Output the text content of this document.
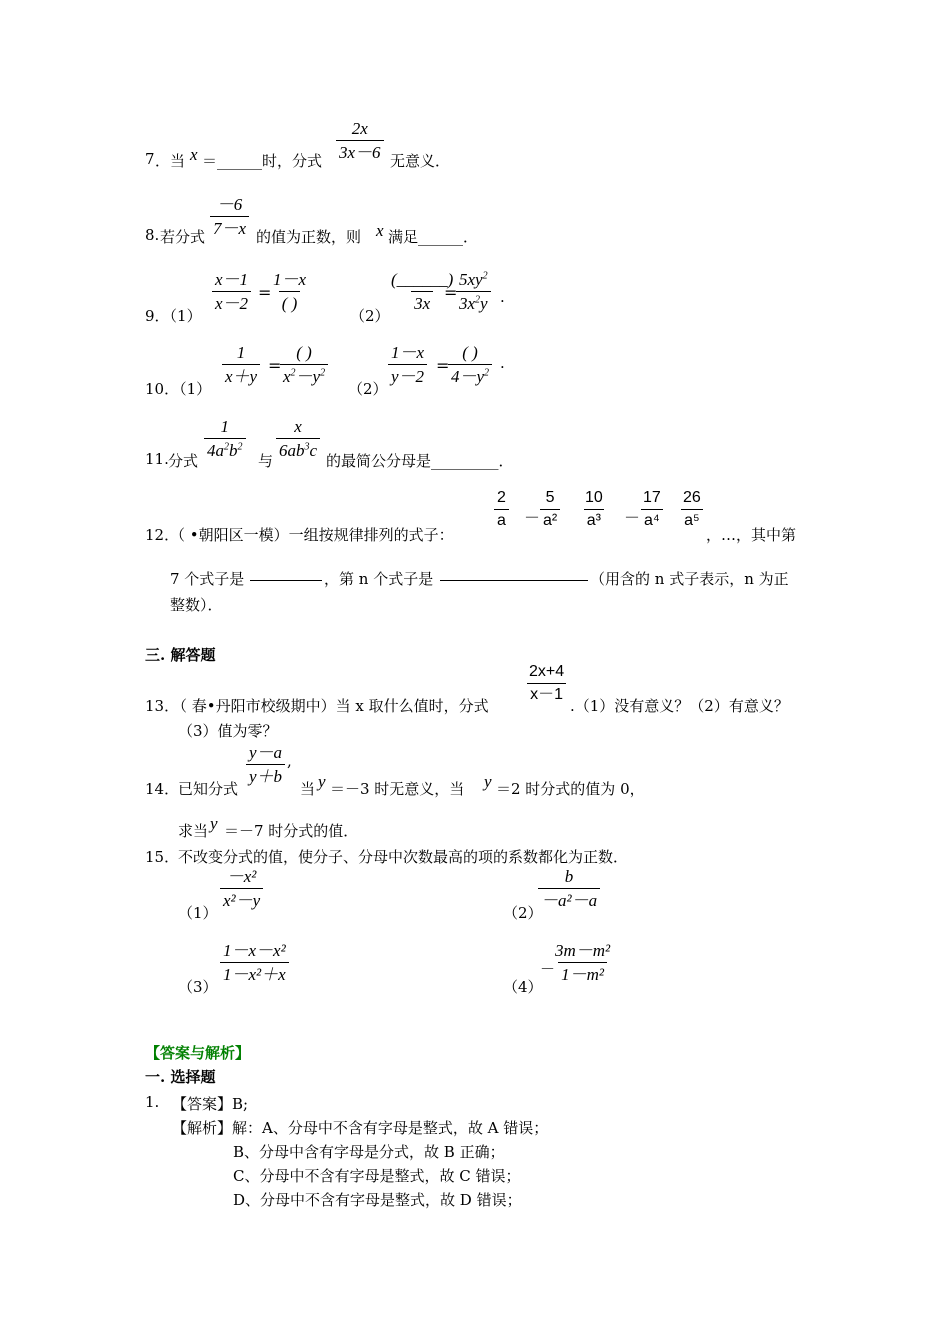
7 ． 当 x ＝______时，分式 $\frac{2x}{3x-6}$ 无意义．
8. 若分式 $\frac{-6}{7-x}$ 的值为正数，则 x 满足______．
9．（1）
x－1
x－2
=
1－x
( )
（2）
(______)
3x
=
$5xy^2$
$3x^2y$ .
10．（1）
1
x＋y
=
( )
$x^2-y^2$
（2）
1－x
y－2
=
( )
$4-y^2$ ·
11. 分式
1
$4a^2b^2$
与
x
$6ab^3c$
的最简公分母是_________．
12．
（ •朝阳区一模）一组按规律排列的式子：
2
a －
5
a²
10
a³ －
17
a⁴
26
a⁵
，…，其中第
7 个式子是	，第 n 个式子是	（用含的 n 式子表示，n 为正
整数）．
三. 解答题
13．
（ 春•丹阳市校级期中）当 x 取什么值时，分式
2x+4
x－1
.（1）没有意义？（2）有意义？
（3）值为零？
14．
已知分式
y－a
y＋b
,
当 y ＝－3 时无意义，当 y ＝2 时分式的值为 0，
求当 y ＝－7 时分式的值．
15．
不改变分式的值，使分子、分母中次数最高的项的系数都化为正数．
（1）
－x²
x²－y
（2）
b
－a²－a
（3）
1－x－x²
1－x²＋x
（4）
－
3m－m²
1－m²
【答案与解析】
一. 选择题
1. 【答案】B;
【解析】解：A、分母中不含有字母是整式，故 A 错误；
B、分母中含有字母是分式，故 B 正确；
C、分母中不含有字母是整式，故 C 错误；
D、分母中不含有字母是整式，故 D 错误；
